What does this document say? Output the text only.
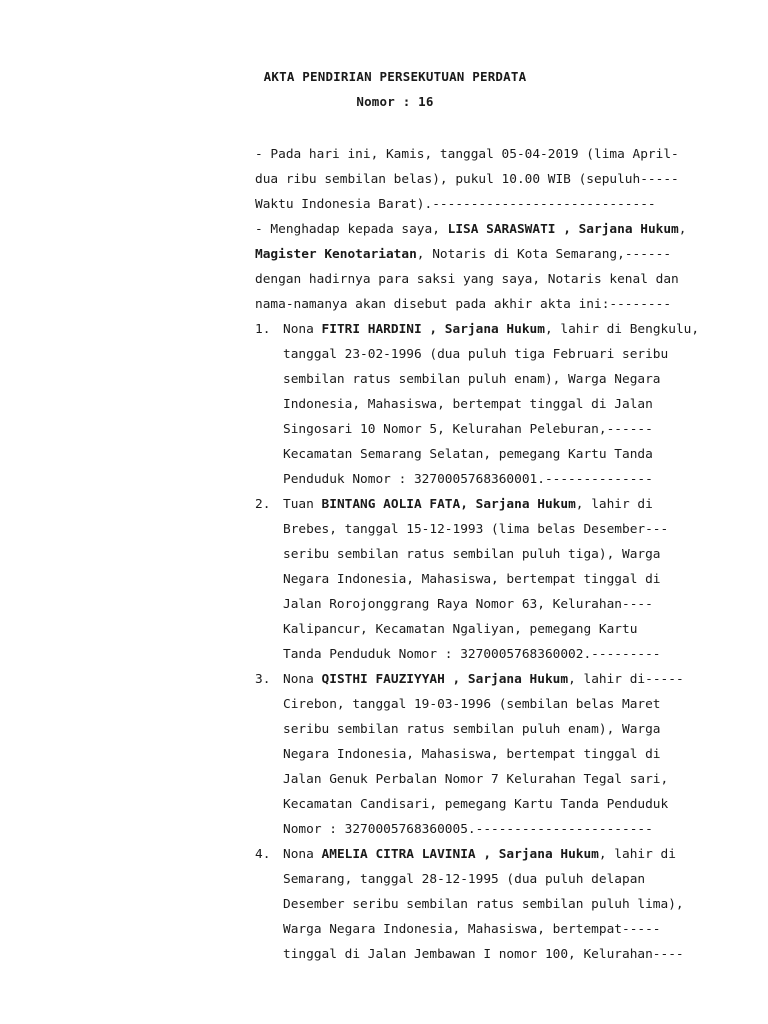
AKTA PENDIRIAN PERSEKUTUAN PERDATA
Nomor : 16
- Pada hari ini, Kamis, tanggal 05-04-2019 (lima April-
dua ribu sembilan belas), pukul 10.00 WIB (sepuluh-----
Waktu Indonesia Barat).-----------------------------
- Menghadap kepada saya, LISA SARASWATI , Sarjana Hukum,
Magister Kenotariatan, Notaris di Kota Semarang,------
dengan hadirnya para saksi yang saya, Notaris kenal dan
nama-namanya akan disebut pada akhir akta ini:--------
1. Nona FITRI HARDINI , Sarjana Hukum, lahir di Bengkulu,
tanggal 23-02-1996 (dua puluh tiga Februari seribu
sembilan ratus sembilan puluh enam), Warga Negara
Indonesia, Mahasiswa, bertempat tinggal di Jalan
Singosari 10 Nomor 5, Kelurahan Peleburan,------
Kecamatan Semarang Selatan, pemegang Kartu Tanda
Penduduk Nomor : 3270005768360001.--------------
2. Tuan BINTANG AOLIA FATA, Sarjana Hukum, lahir di
Brebes, tanggal 15-12-1993 (lima belas Desember---
seribu sembilan ratus sembilan puluh tiga), Warga
Negara Indonesia, Mahasiswa, bertempat tinggal di
Jalan Rorojonggrang Raya Nomor 63, Kelurahan----
Kalipancur, Kecamatan Ngaliyan, pemegang Kartu
Tanda Penduduk Nomor : 3270005768360002.---------
3. Nona QISTHI FAUZIYYAH , Sarjana Hukum, lahir di-----
Cirebon, tanggal 19-03-1996 (sembilan belas Maret
seribu sembilan ratus sembilan puluh enam), Warga
Negara Indonesia, Mahasiswa, bertempat tinggal di
Jalan Genuk Perbalan Nomor 7 Kelurahan Tegal sari,
Kecamatan Candisari, pemegang Kartu Tanda Penduduk
Nomor : 3270005768360005.-----------------------
4. Nona AMELIA CITRA LAVINIA , Sarjana Hukum, lahir di
Semarang, tanggal 28-12-1995 (dua puluh delapan
Desember seribu sembilan ratus sembilan puluh lima),
Warga Negara Indonesia, Mahasiswa, bertempat-----
tinggal di Jalan Jembawan I nomor 100, Kelurahan----
